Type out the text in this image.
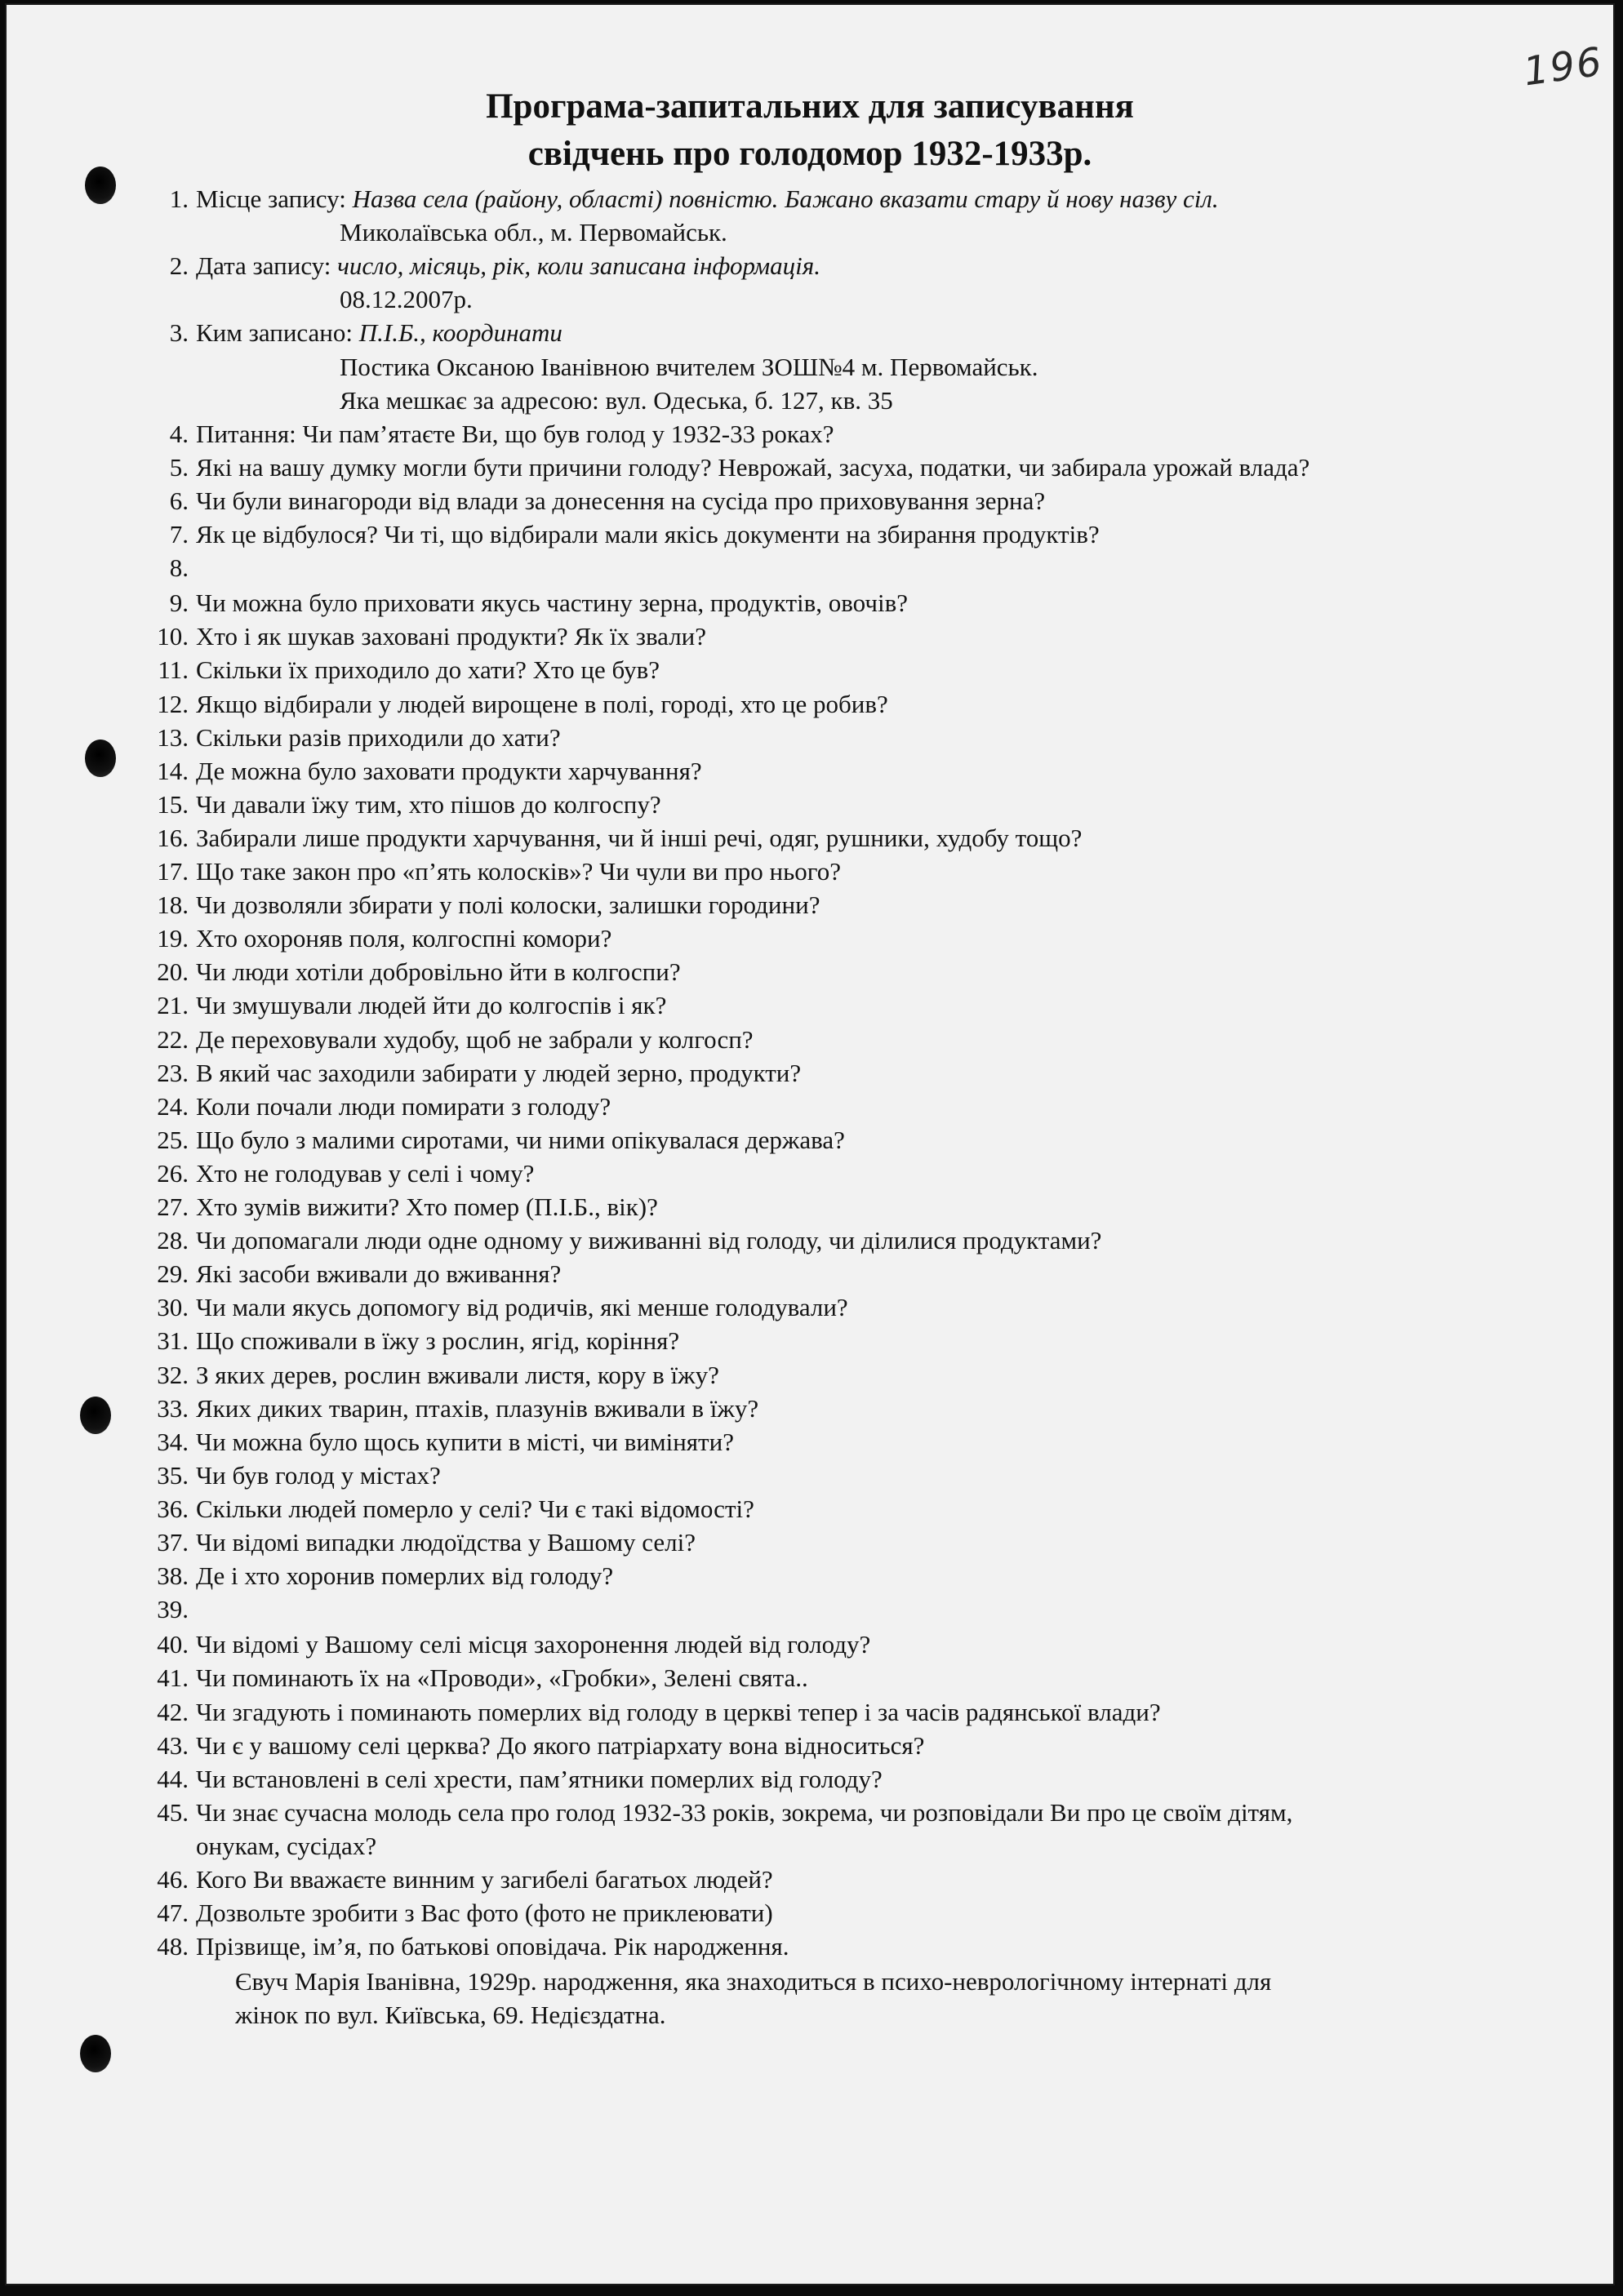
196
Програма-запитальних для записування
свідчень про голодомор 1932-1933р.
1. Місце запису: Назва села (району, області) повністю. Бажано вказати стару й нову назву сіл.
Миколаївська обл., м. Первомайськ.
2. Дата запису: число, місяць, рік, коли записана інформація.
08.12.2007р.
3. Ким записано: П.І.Б., координати
Постика Оксаною Іванівною вчителем ЗОШ№4 м. Первомайськ.
Яка мешкає за адресою: вул. Одеська, б. 127, кв. 35
4. Питання: Чи пам’ятаєте Ви, що був голод у 1932-33 роках?
5. Які на вашу думку могли бути причини голоду? Неврожай, засуха, податки, чи забирала урожай влада?
6. Чи були винагороди від влади за донесення на сусіда про приховування зерна?
7. Як це відбулося? Чи ті, що відбирали мали якісь документи на збирання продуктів?
8.
9. Чи можна було приховати якусь частину зерна, продуктів, овочів?
10. Хто і як шукав заховані продукти? Як їх звали?
11. Скільки їх приходило до хати? Хто це був?
12. Якщо відбирали у людей вирощене в полі, городі, хто це робив?
13. Скільки разів приходили до хати?
14. Де можна було заховати продукти харчування?
15. Чи давали їжу тим, хто пішов до колгоспу?
16. Забирали лише продукти харчування, чи й інші речі, одяг, рушники, худобу тощо?
17. Що таке закон про «п’ять колосків»? Чи чули ви про нього?
18. Чи дозволяли збирати у полі колоски, залишки городини?
19. Хто охороняв поля, колгоспні комори?
20. Чи люди хотіли добровільно йти в колгоспи?
21. Чи змушували людей йти до колгоспів і як?
22. Де переховували худобу, щоб не забрали у колгосп?
23. В який час заходили забирати у людей зерно, продукти?
24. Коли почали люди помирати з голоду?
25. Що було з малими сиротами, чи ними опікувалася держава?
26. Хто не голодував у селі і чому?
27. Хто зумів вижити? Хто помер (П.І.Б., вік)?
28. Чи допомагали люди одне одному у виживанні від голоду, чи ділилися продуктами?
29. Які засоби вживали до вживання?
30. Чи мали якусь допомогу від родичів, які менше голодували?
31. Що споживали в їжу з рослин, ягід, коріння?
32. З яких дерев, рослин вживали листя, кору в їжу?
33. Яких диких тварин, птахів, плазунів вживали в їжу?
34. Чи можна було щось купити в місті, чи виміняти?
35. Чи був голод у містах?
36. Скільки людей померло у селі? Чи є такі відомості?
37. Чи відомі випадки людоїдства у Вашому селі?
38. Де і хто хоронив померлих від голоду?
39.
40. Чи відомі у Вашому селі місця захоронення людей від голоду?
41. Чи поминають їх на «Проводи», «Гробки», Зелені свята..
42. Чи згадують і поминають померлих від голоду в церкві тепер і за часів радянської влади?
43. Чи є у вашому селі церква? До якого патріархату вона відноситься?
44. Чи встановлені в селі хрести, пам’ятники померлих від голоду?
45. Чи знає сучасна молодь села про голод 1932-33 років, зокрема, чи розповідали Ви про це своїм дітям,
онукам, сусідах?
46. Кого Ви вважаєте винним у загибелі багатьох людей?
47. Дозвольте зробити з Вас фото (фото не приклеювати)
48. Прізвище, ім’я, по батькові оповідача. Рік народження.
Євуч Марія Іванівна, 1929р. народження, яка знаходиться в психо-неврологічному інтернаті для
жінок по вул. Київська, 69. Недієздатна.
